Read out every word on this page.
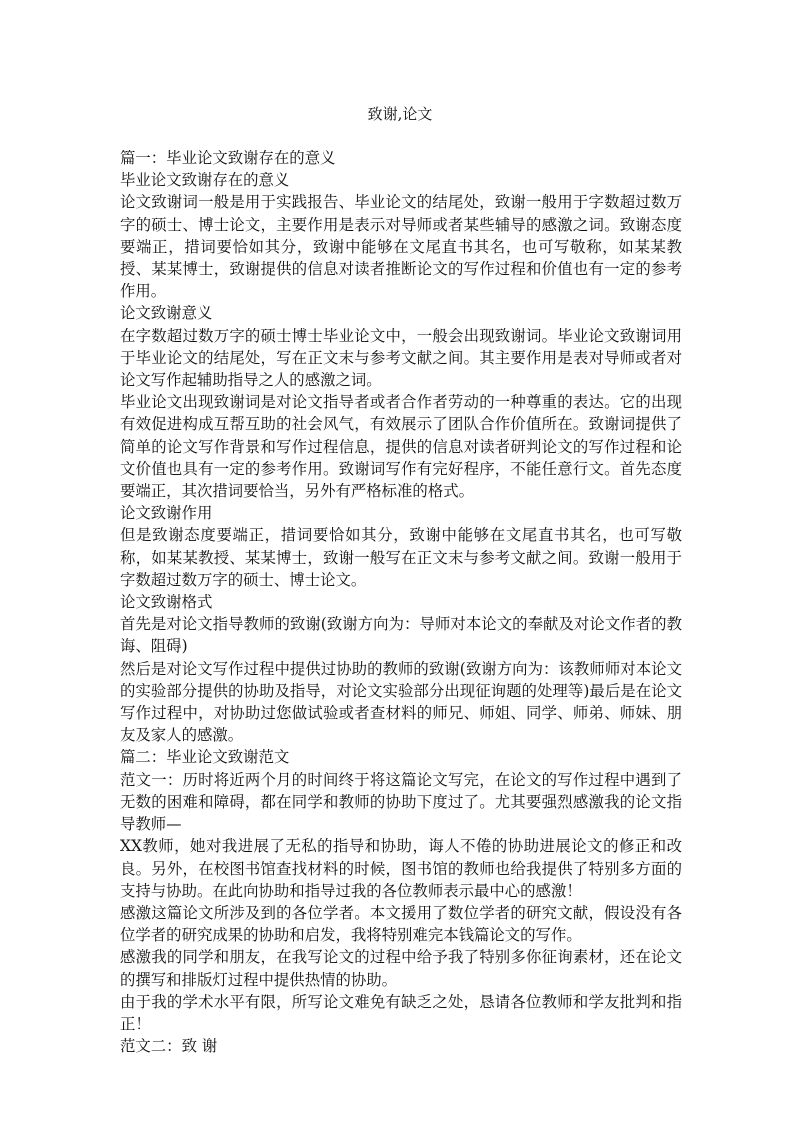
致谢,论文

篇一：毕业论文致谢存在的意义

毕业论文致谢存在的意义

论文致谢词一般是用于实践报告、毕业论文的结尾处，致谢一般用于字数超过数万字的硕士、博士论文，主要作用是表示对导师或者某些辅导的感激之词。致谢态度要端正，措词要恰如其分，致谢中能够在文尾直书其名，也可写敬称，如某某教授、某某博士，致谢提供的信息对读者推断论文的写作过程和价值也有一定的参考作用。

论文致谢意义

在字数超过数万字的硕士博士毕业论文中，一般会出现致谢词。毕业论文致谢词用于毕业论文的结尾处，写在正文末与参考文献之间。其主要作用是表对导师或者对论文写作起辅助指导之人的感激之词。

毕业论文出现致谢词是对论文指导者或者合作者劳动的一种尊重的表达。它的出现有效促进构成互帮互助的社会风气，有效展示了团队合作价值所在。致谢词提供了简单的论文写作背景和写作过程信息，提供的信息对读者研判论文的写作过程和论文价值也具有一定的参考作用。致谢词写作有完好程序，不能任意行文。首先态度要端正，其次措词要恰当，另外有严格标准的格式。

论文致谢作用

但是致谢态度要端正，措词要恰如其分，致谢中能够在文尾直书其名，也可写敬称，如某某教授、某某博士，致谢一般写在正文末与参考文献之间。致谢一般用于字数超过数万字的硕士、博士论文。

论文致谢格式

首先是对论文指导教师的致谢(致谢方向为：导师对本论文的奉献及对论文作者的教诲、阻碍)

然后是对论文写作过程中提供过协助的教师的致谢(致谢方向为：该教师师对本论文的实验部分提供的协助及指导，对论文实验部分出现征询题的处理等)最后是在论文写作过程中，对协助过您做试验或者查材料的师兄、师姐、同学、师弟、师妹、朋友及家人的感激。

篇二：毕业论文致谢范文

范文一：历时将近两个月的时间终于将这篇论文写完，在论文的写作过程中遇到了无数的困难和障碍，都在同学和教师的协助下度过了。尤其要强烈感激我的论文指导教师—

XX教师，她对我进展了无私的指导和协助，诲人不倦的协助进展论文的修正和改良。另外，在校图书馆查找材料的时候，图书馆的教师也给我提供了特别多方面的支持与协助。在此向协助和指导过我的各位教师表示最中心的感激！

感激这篇论文所涉及到的各位学者。本文援用了数位学者的研究文献，假设没有各位学者的研究成果的协助和启发，我将特别难完本钱篇论文的写作。

感激我的同学和朋友，在我写论文的过程中给予我了特别多你征询素材，还在论文的撰写和排版灯过程中提供热情的协助。

由于我的学术水平有限，所写论文难免有缺乏之处，恳请各位教师和学友批判和指正！

范文二：致 谢
